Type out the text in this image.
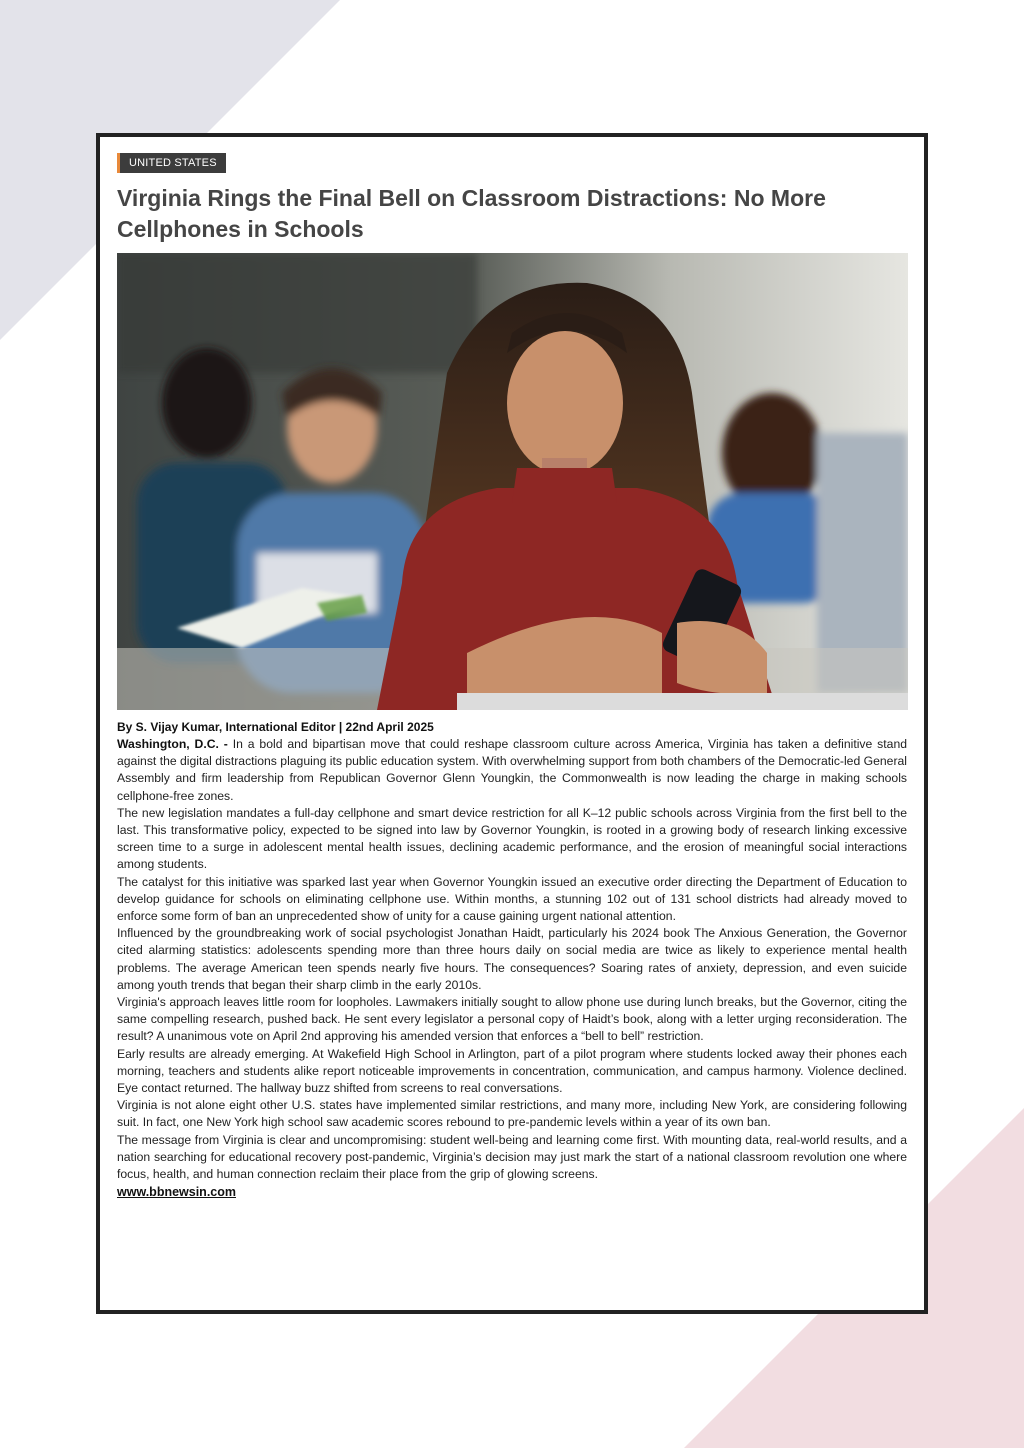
UNITED STATES
Virginia Rings the Final Bell on Classroom Distractions: No More Cellphones in Schools
By S. Vijay Kumar, International Editor | 22nd April 2025

Washington, D.C. - In a bold and bipartisan move that could reshape classroom culture across America, Virginia has taken a definitive stand against the digital distractions plaguing its public education system. With overwhelming support from both chambers of the Democratic-led General Assembly and firm leadership from Republican Governor Glenn Youngkin, the Commonwealth is now leading the charge in making schools cellphone-free zones.

The new legislation mandates a full-day cellphone and smart device restriction for all K–12 public schools across Virginia from the first bell to the last. This transformative policy, expected to be signed into law by Governor Youngkin, is rooted in a growing body of research linking excessive screen time to a surge in adolescent mental health issues, declining academic performance, and the erosion of meaningful social interactions among students.

The catalyst for this initiative was sparked last year when Governor Youngkin issued an executive order directing the Department of Education to develop guidance for schools on eliminating cellphone use. Within months, a stunning 102 out of 131 school districts had already moved to enforce some form of ban an unprecedented show of unity for a cause gaining urgent national attention.

Influenced by the groundbreaking work of social psychologist Jonathan Haidt, particularly his 2024 book The Anxious Generation, the Governor cited alarming statistics: adolescents spending more than three hours daily on social media are twice as likely to experience mental health problems. The average American teen spends nearly five hours. The consequences? Soaring rates of anxiety, depression, and even suicide among youth trends that began their sharp climb in the early 2010s.

Virginia's approach leaves little room for loopholes. Lawmakers initially sought to allow phone use during lunch breaks, but the Governor, citing the same compelling research, pushed back. He sent every legislator a personal copy of Haidt’s book, along with a letter urging reconsideration. The result? A unanimous vote on April 2nd approving his amended version that enforces a “bell to bell” restriction.

Early results are already emerging. At Wakefield High School in Arlington, part of a pilot program where students locked away their phones each morning, teachers and students alike report noticeable improvements in concentration, communication, and campus harmony. Violence declined. Eye contact returned. The hallway buzz shifted from screens to real conversations.

Virginia is not alone eight other U.S. states have implemented similar restrictions, and many more, including New York, are considering following suit. In fact, one New York high school saw academic scores rebound to pre-pandemic levels within a year of its own ban.

The message from Virginia is clear and uncompromising: student well-being and learning come first. With mounting data, real-world results, and a nation searching for educational recovery post-pandemic, Virginia’s decision may just mark the start of a national classroom revolution one where focus, health, and human connection reclaim their place from the grip of glowing screens.

www.bbnewsin.com
